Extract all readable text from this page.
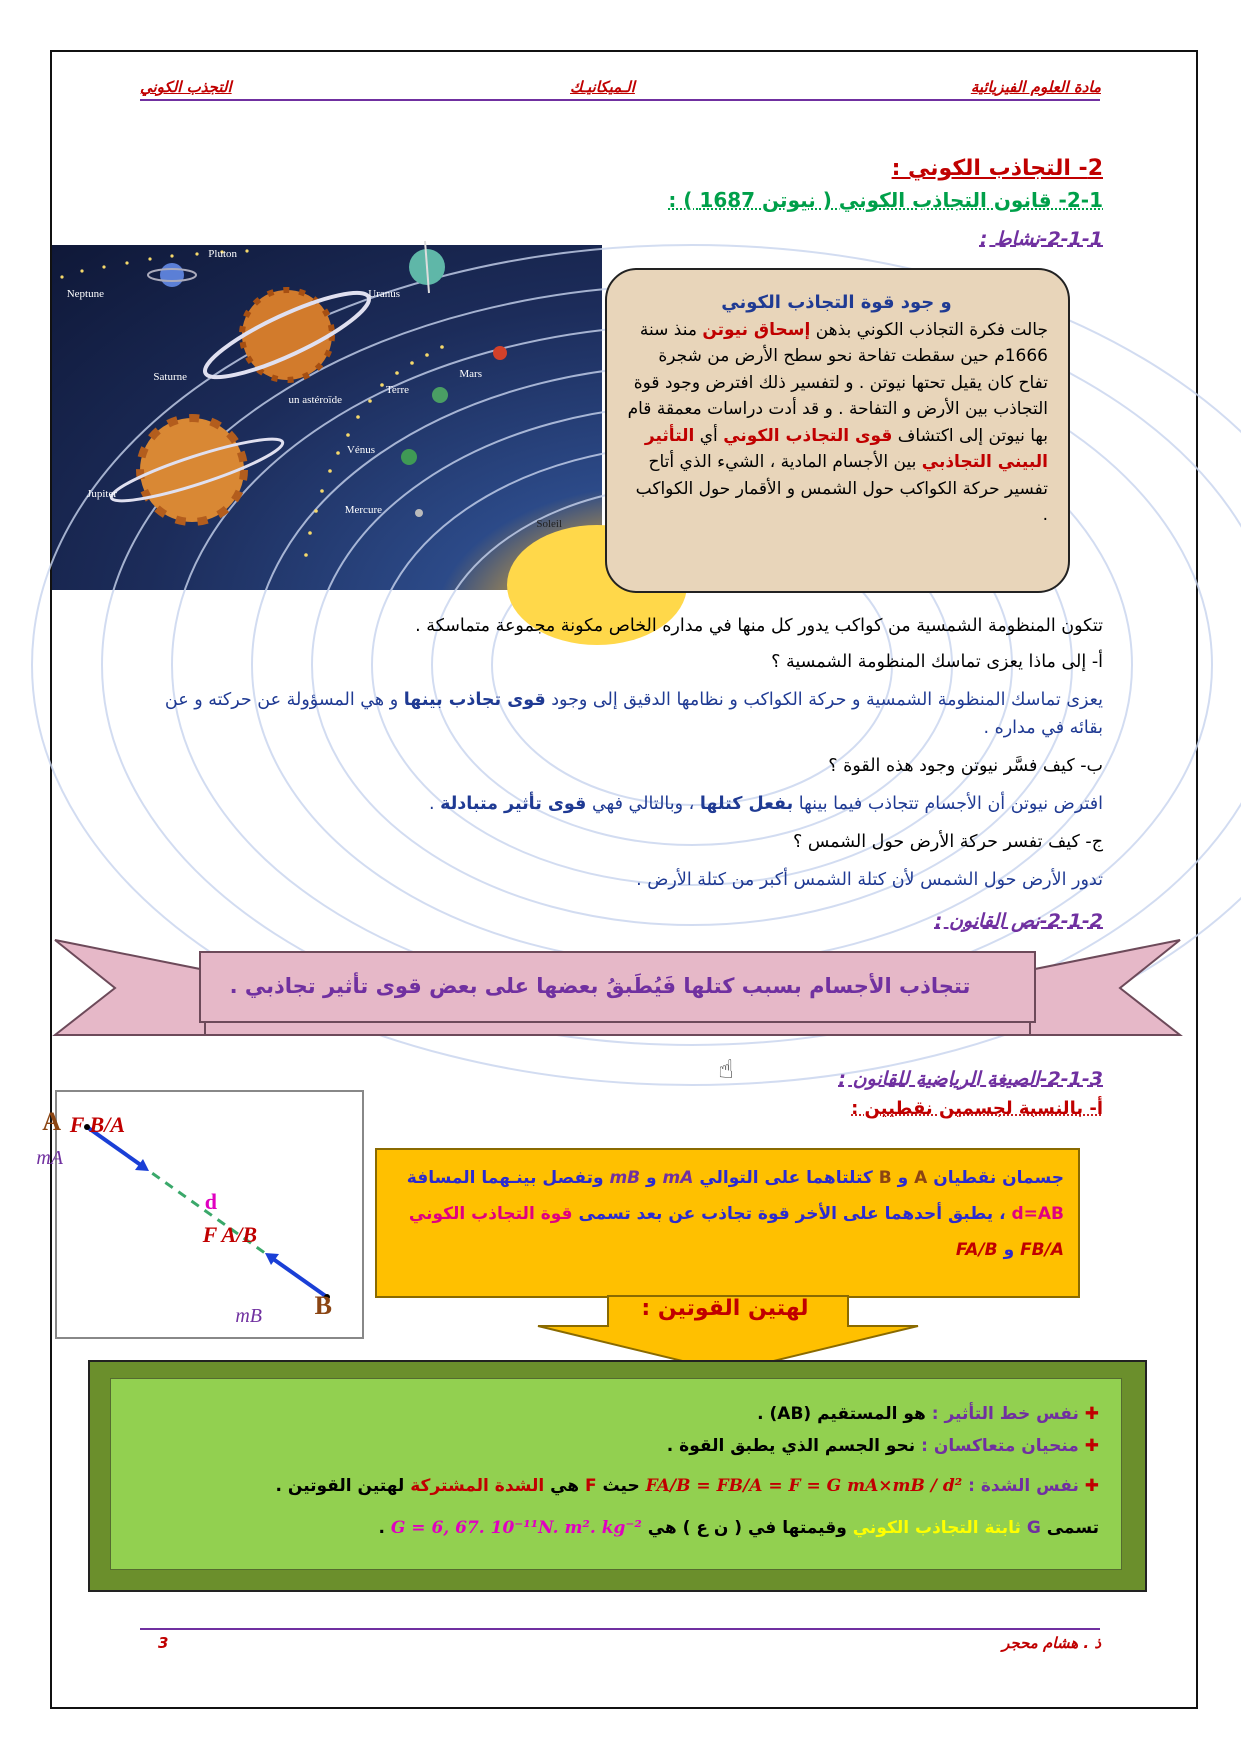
مادة العلوم الفيزيائية
الـميكانيـك
التجذب الكوني
2- التجاذب الكوني :
2-1- قانون التجاذب الكوني ( نيوتن 1687 ) :
2-1-1-نشاط :
Pluton
Uranus
Neptune
Saturne	Mars
Terre
un astéroïde
Vénus
Jupiter
Mercure
Soleil
و جود قوة التجاذب الكوني
جالت فكرة التجاذب الكوني بذهن إسحاق نيوتن منذ سنة 1666م حين سقطت تفاحة نحو سطح الأرض من شجرة تفاح كان يقيل تحتها نيوتن . و لتفسير ذلك افترض وجود قوة التجاذب بين الأرض و التفاحة . و قد أدت دراسات معمقة قام بها نيوتن إلى اكتشاف قوى التجاذب الكوني أي التأثير البيني التجاذبي بين الأجسام المادية ، الشيء الذي أتاح تفسير حركة الكواكب حول الشمس و الأقمار حول الكواكب .
تتكون المنظومة الشمسية من كواكب يدور كل منها في مداره الخاص مكونة مجموعة متماسكة .
أ- إلى ماذا يعزى تماسك المنظومة الشمسية ؟
يعزى تماسك المنظومة الشمسية و حركة الكواكب و نظامها الدقيق إلى وجود قوى تجاذب بينها و هي المسؤولة عن حركته و عن بقائه في مداره .
ب- كيف فسَّر نيوتن وجود هذه القوة ؟
افترض نيوتن أن الأجسام تتجاذب فيما بينها بفعل كتلها ، وبالتالي فهي قوى تأثير متبادلة .
ج- كيف تفسر حركة الأرض حول الشمس ؟
تدور الأرض حول الشمس لأن كتلة الشمس أكبر من كتلة الأرض .
2-1-2-نص القانون :
تتجاذب الأجسام بسبب كتلها فَيُطَبقُ بعضها على بعض قوى تأثير تجاذبي .
2-1-3-الصيغة الرياضية للقانون :
☝
أ- بالنسبة لجسمين نقطيين :
A
B
mA
mB
d
F B/A
F A/B
جسمان نقطيان A و B كتلتاهما على التوالي mA و mB وتفصل بينـهما المسافة d=AB ، يطبق أحدهما على الأخر قوة تجاذب عن بعد تسمى قوة التجاذب الكوني FB/A و FA/B
لهتين القوتين :
✚ نفس خط التأثير : هو المستقيم (AB) .
✚ منحيان متعاكسان : نحو الجسم الذي يطبق القوة .
✚ نفس الشدة : FA/B = FB/A = F = G mA×mB / d² حيث F هي الشدة المشتركة لهتين القوتين .
تسمى G ثابتة التجاذب الكوني وقيمتها في ( ن ع ) هي G = 6, 67. 10⁻¹¹N. m². kg⁻² .
ذ . هشام محجر
3
